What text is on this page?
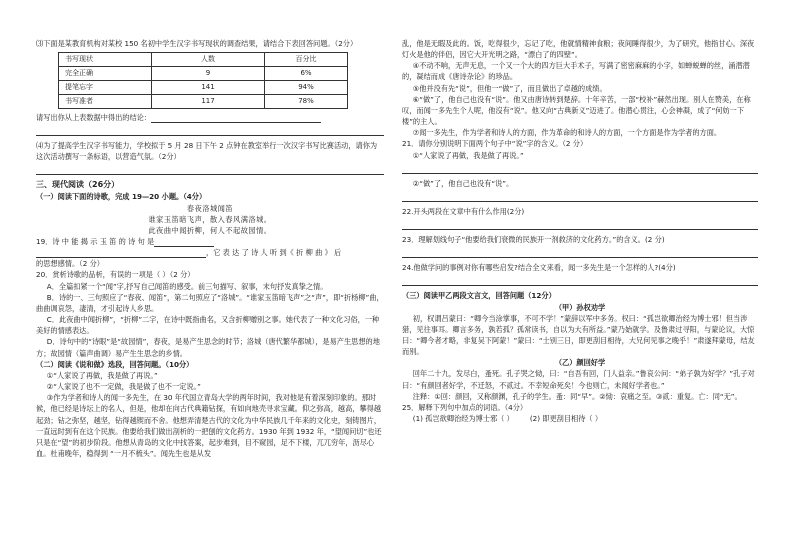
⑶下面是某教育机构对某校 150 名初中学生汉字书写现状的调查结果，请结合下表回答问题。（2分）

书写现状	人数	百分比
完全正确	9	6%
提笔忘字	141	94%
书写准者	117	78%

请写出你从上表数据中得出的结论：

⑷为了提高学生汉字书写能力，学校拟于 5 月 28 日下午 2 点钟在教室举行一次汉字书写比赛活动，请你为这次活动撰写一条标语，以营造气氛。（2分）

三、现代阅读（26分）

（一）阅读下面的诗歌，完成 19—20 小题。（4分）

春夜洛城闻笛

谁家玉笛暗飞声，散入春风满洛城。

此夜曲中闻折柳，何人不起故园情。

19．诗 中 能 揭 示 玉 笛 的 诗 句 是

，它 表 达 了 诗 人 听 到《 折 柳 曲 》 后

的思想感情。（2 分）

20．赏析诗歌的品析，有误的一项是（ ）（2 分）

A．全篇扣紧一个“闻”字,抒写自己闻笛的感受。前三句描写、叙事，末句抒发真挚之情。

B．诗的一、三句照应了“春夜、闻笛”，第二句照应了“洛城”。“谁家玉笛暗飞声”之“声”，即“折杨柳”曲，曲曲调哀怨，凄清，才引起诗人乡思。

C．此夜曲中闻折柳”，“折柳”二字，在诗中既指曲名，又含折柳赠别之事。她代表了一种文化习俗，一种美好的情感表达。

D．诗句中的“诗眼”是“故园情”，春夜，是易产生思念的时节；洛城（唐代繁华都城），是易产生思想的地方；故园情（篇声曲调）易产生生思念的乡情。

（二）阅读《说和做》选段，回答问题。（10分）

①“人家说了再做，我是做了再说。”

②“人家说了也不一定做，我是做了也不一定说。”

③作为学者和诗人的闻一多先生，在 30 年代国立青岛大学的两年时间，我对他是有着深刻印象的。那时候，他已经是诗坛上的名人，但是，他却在向古代典籍钻探，有如向地壳寻求宝藏。仰之弥高，越高，攀得越起劲；钻之弥坚，越坚，钻得越锲而不舍。他想弄清楚古代的文化为中华民族几千年来的文化史，刻铸图片，一直远时到有在这个民族。他要给我们做出剖析的一把刨的文化药方。1930 年到 1932 年，“望闻问切”也还只是在“望”的初步阶段。他想从青岛的文化中找答案，起步难到，目不窥园，足不下楼，兀兀穷年，沥尽心血。杜甫晚年，稳得到 “一月不梳头”。闻先生也是从发

乱，他是无暇及此的。饭，吃得很少，忘记了吃，他就情精神食粮；夜间睡得很少，为了研究，他指甘心。深夜灯火是他的伴侣，因它大开光明之路，“漂白了的四壁”。

④不动不响，无声无息，一个又一个大的四方巨大手术子，写满了密密麻麻的小字，如蝉蜕蝉的丝，涌潜潜的，凝结而成《唐诗杂论》的珍品。

⑤他并没有先“说”，但他一“做”了，而且做出了卓越的成绩。

⑥“做”了，他自己也没有“说”。他又由唐诗转到楚辞。十年辛苦，一部“校补”赫然出现。别人在赞美，在称叹，而闻一多先生个人呢，他沒有“说”。他又向“古典新义”迈进了。他潜心贯注，心会神凝，成了“何妨一下楼”的主人。

⑦闻一多先生，作为学者和诗人的方面，作为革命的和诗人的方面，一个方面是作为学者的方面。

21．请你分别说明下面两个句子中“说”字的含义。（2 分）

①“人家说了再做，我是做了再说。”

②“做”了，他自己也没有“说”。

22.开头两段在文章中有什么作用(2分)

23．理解划线句子“他要给我们衰微的民族开一剂救济的文化药方。”的含义。(2 分)

24.他做学问的事例对你有哪些启发?结合全文来看，闻一多先生是一个怎样的人?(4分)

（三）阅读甲乙两段文言文，回答问题（12分）

（甲）孙权劝学

初，权谓吕蒙曰：“卿今当涂掌事，不可不学！”蒙辞以军中多务。权曰：“孤岂欲卿治经为博士邪！但当涉猎，见往事耳。卿言多务，孰若孤？孤常读书，自以为大有所益。”蒙乃始就学。及鲁肃过寻阳，与蒙论议，大惊曰：“卿今者才略，非复吴下阿蒙！”蒙曰：“士别三日，即更刮目相待，大兄何见事之晚乎！”肃遂拜蒙母，结友而别。

（乙）颜回好学

回年二十九，发尽白，蚤死。孔子哭之恸，曰：“自吾有回，门人益亲。”鲁哀公问：“弟子孰为好学？”孔子对曰：“有颜回者好学，不迁怒，不贰过。不幸短命死矣！今也则亡，未闻好学者也。”

注释：①回：颜回，又称颜渊，孔子的学生。蚤：同“早”。②恸：哀痛之至。③贰：重复。亡：同“无”。

25．解释下列句中加点的词语。（4分）

(1) 孤岂欲卿治经为博士邪（ ） (2) 即更刮目相待（ ）
